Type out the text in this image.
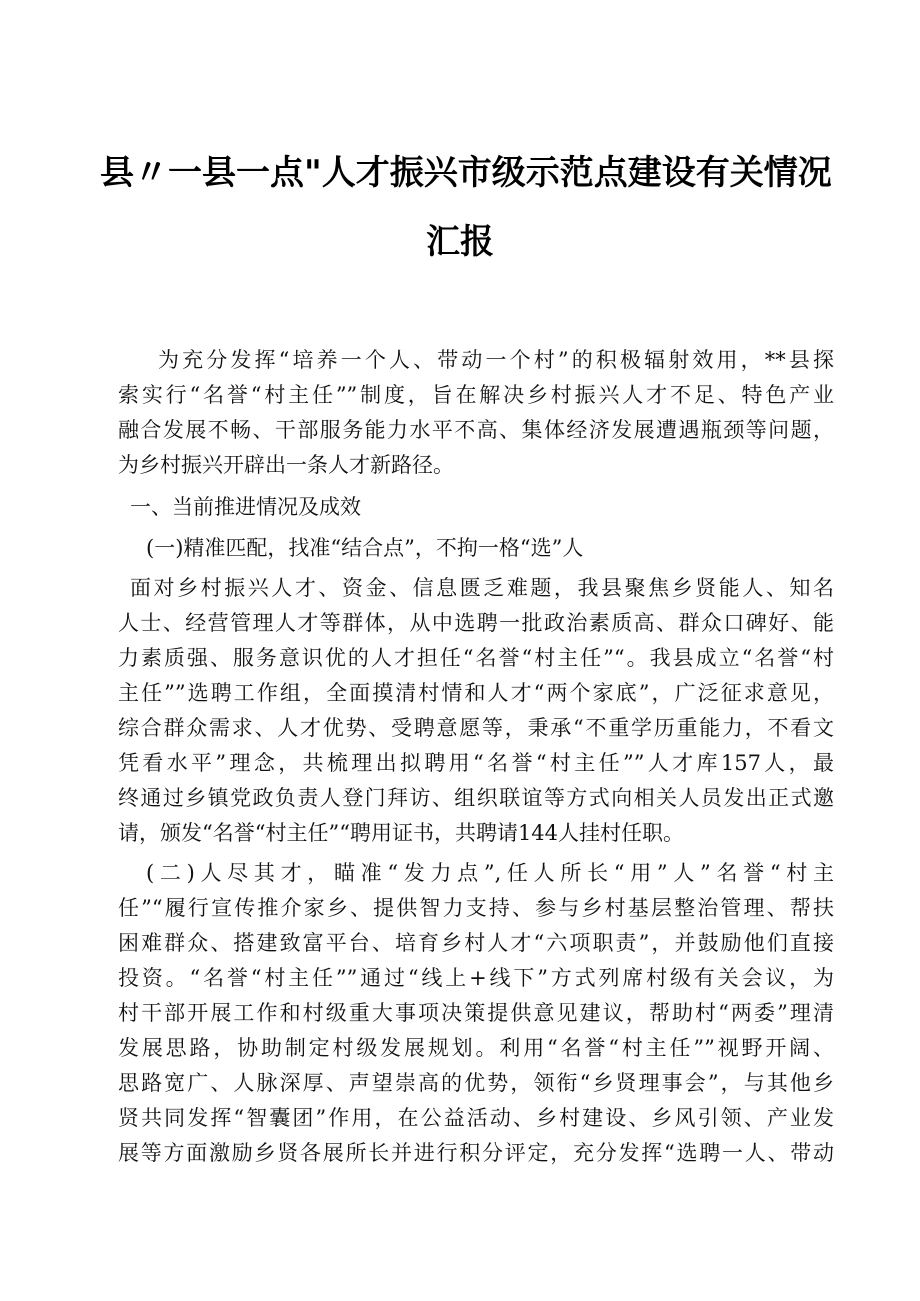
县〃一县一点"人才振兴市级示范点建设有关情况
汇报
为充分发挥“培养一个人、带动一个村”的积极辐射效用，**县探
索实行“名誉“村主任””制度，旨在解决乡村振兴人才不足、特色产业
融合发展不畅、干部服务能力水平不高、集体经济发展遭遇瓶颈等问题，
为乡村振兴开辟出一条人才新路径。
一、当前推进情况及成效
(一)精准匹配，找准“结合点”，不拘一格“选”人
面对乡村振兴人才、资金、信息匮乏难题，我县聚焦乡贤能人、知名
人士、经营管理人才等群体，从中选聘一批政治素质高、群众口碑好、能
力素质强、服务意识优的人才担任“名誉“村主任”“。我县成立“名誉“村
主任””选聘工作组，全面摸清村情和人才“两个家底”，广泛征求意见，
综合群众需求、人才优势、受聘意愿等，秉承“不重学历重能力，不看文
凭看水平”理念，共梳理出拟聘用“名誉“村主任””人才库157人，最
终通过乡镇党政负责人登门拜访、组织联谊等方式向相关人员发出正式邀
请，颁发“名誉“村主任”“聘用证书，共聘请144人挂村任职。
(二)人尽其才，瞄准“发力点”,任人所长“用”人”名誉“村主
任”“履行宣传推介家乡、提供智力支持、参与乡村基层整治管理、帮扶
困难群众、搭建致富平台、培育乡村人才“六项职责”，并鼓励他们直接
投资。“名誉“村主任””通过“线上+线下”方式列席村级有关会议，为
村干部开展工作和村级重大事项决策提供意见建议，帮助村“两委”理清
发展思路，协助制定村级发展规划。利用“名誉“村主任””视野开阔、
思路宽广、人脉深厚、声望崇高的优势，领衔“乡贤理事会”，与其他乡
贤共同发挥“智囊团”作用，在公益活动、乡村建设、乡风引领、产业发
展等方面激励乡贤各展所长并进行积分评定，充分发挥“选聘一人、带动
